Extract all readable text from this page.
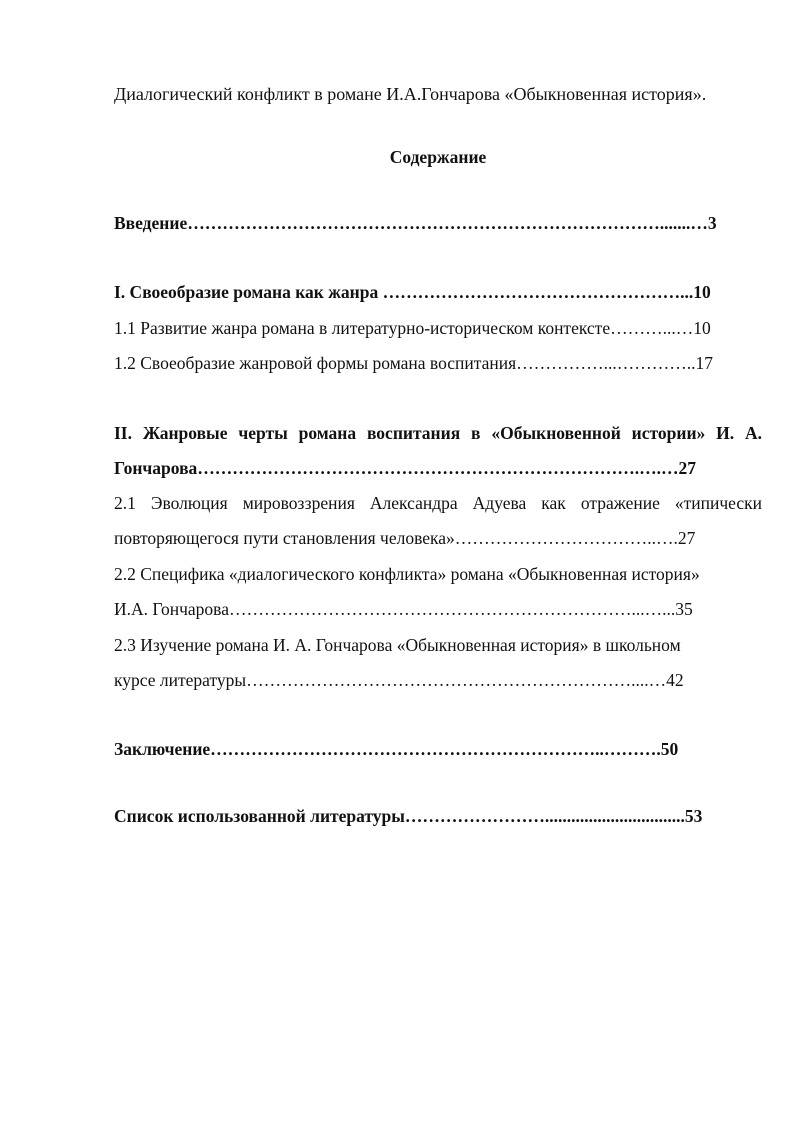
Диалогический конфликт в романе И.А.Гончарова «Обыкновенная история».
Содержание
Введение……………………………………………………………………….......…3
I. Своеобразие романа как жанра ……………………………………………...10
1.1 Развитие жанра романа в литературно-историческом контексте………...…10
1.2 Своеобразие жанровой формы романа воспитания……………...…………..17
II. Жанровые черты романа воспитания в «Обыкновенной истории» И. А.
Гончарова………………………………………………………………….….…27
2.1 Эволюция мировоззрения Александра Адуева как отражение «типически
повторяющегося пути становления человека»……………………………..….27
2.2 Специфика «диалогического конфликта» романа «Обыкновенная история»
И.А. Гончарова……………………………………………………………...…...35
2.3 Изучение романа И. А. Гончарова «Обыкновенная история» в школьном
курсе литературы…………………………………………………………....…42
Заключение…………………………………………………………..……….50
Список использованной литературы……………………................................53
